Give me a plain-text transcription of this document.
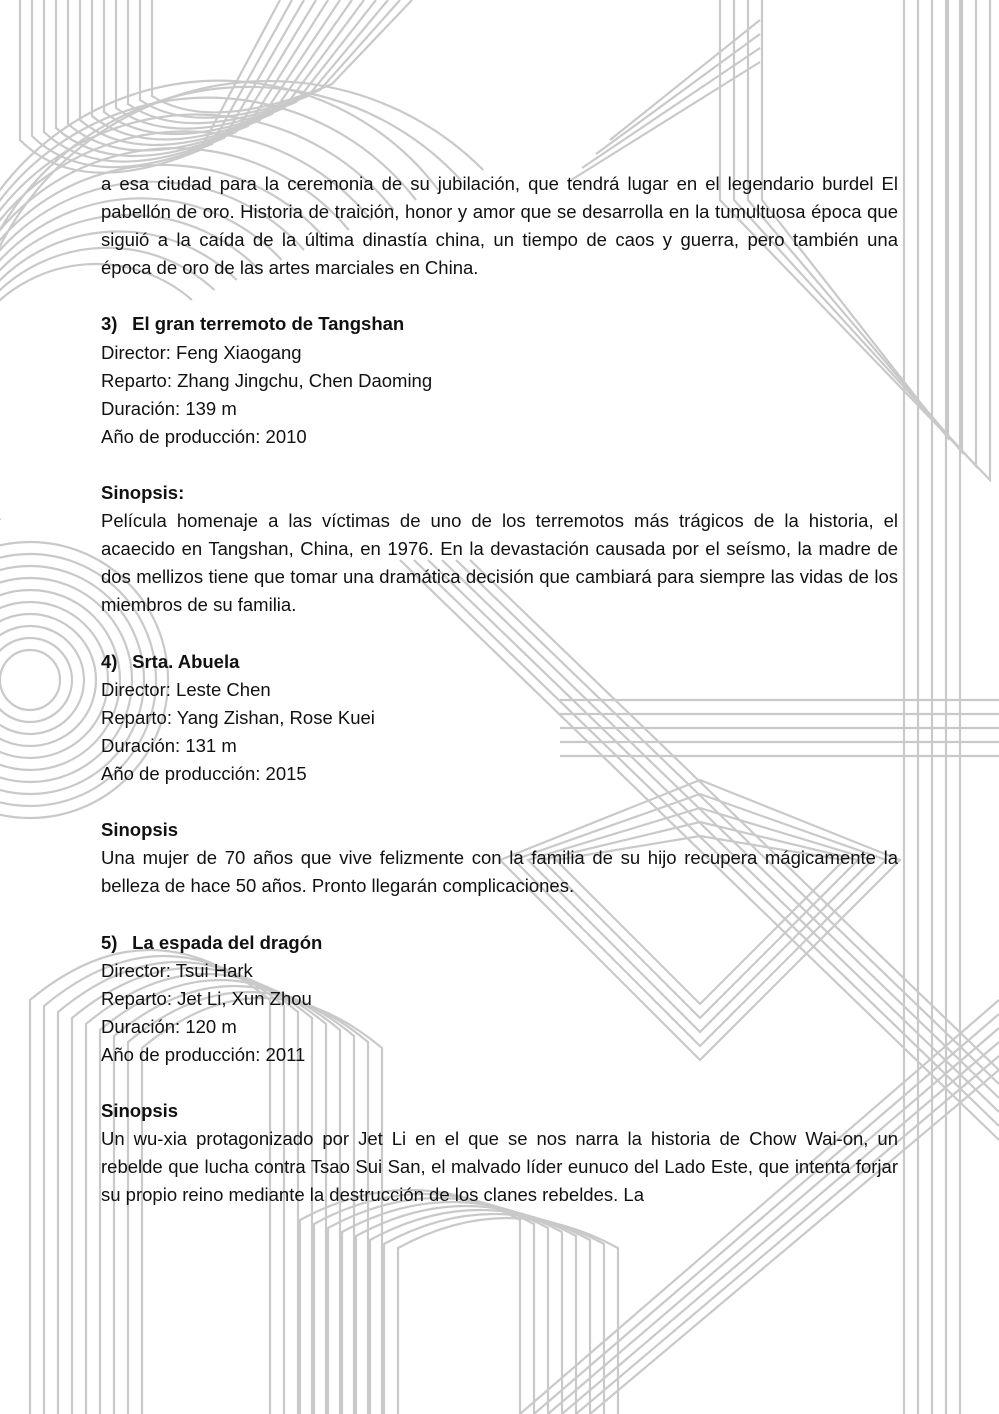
a esa ciudad para la ceremonia de su jubilación, que tendrá lugar en el legendario burdel El pabellón de oro. Historia de traición, honor y amor que se desarrolla en la tumultuosa época que siguió a la caída de la última dinastía china, un tiempo de caos y guerra, pero también una época de oro de las artes marciales en China.

3) El gran terremoto de Tangshan

Director: Feng Xiaogang

Reparto: Zhang Jingchu, Chen Daoming

Duración: 139 m

Año de producción: 2010

Sinopsis:

Película homenaje a las víctimas de uno de los terremotos más trágicos de la historia, el acaecido en Tangshan, China, en 1976. En la devastación causada por el seísmo, la madre de dos mellizos tiene que tomar una dramática decisión que cambiará para siempre las vidas de los miembros de su familia.

4) Srta. Abuela

Director: Leste Chen

Reparto: Yang Zishan, Rose Kuei

Duración: 131 m

Año de producción: 2015

Sinopsis

Una mujer de 70 años que vive felizmente con la familia de su hijo recupera mágicamente la belleza de hace 50 años. Pronto llegarán complicaciones.

5) La espada del dragón

Director: Tsui Hark

Reparto: Jet Li, Xun Zhou

Duración: 120 m

Año de producción: 2011

Sinopsis

Un wu-xia protagonizado por Jet Li en el que se nos narra la historia de Chow Wai-on, un rebelde que lucha contra Tsao Sui San, el malvado líder eunuco del Lado Este, que intenta forjar su propio reino mediante la destrucción de los clanes rebeldes. La
